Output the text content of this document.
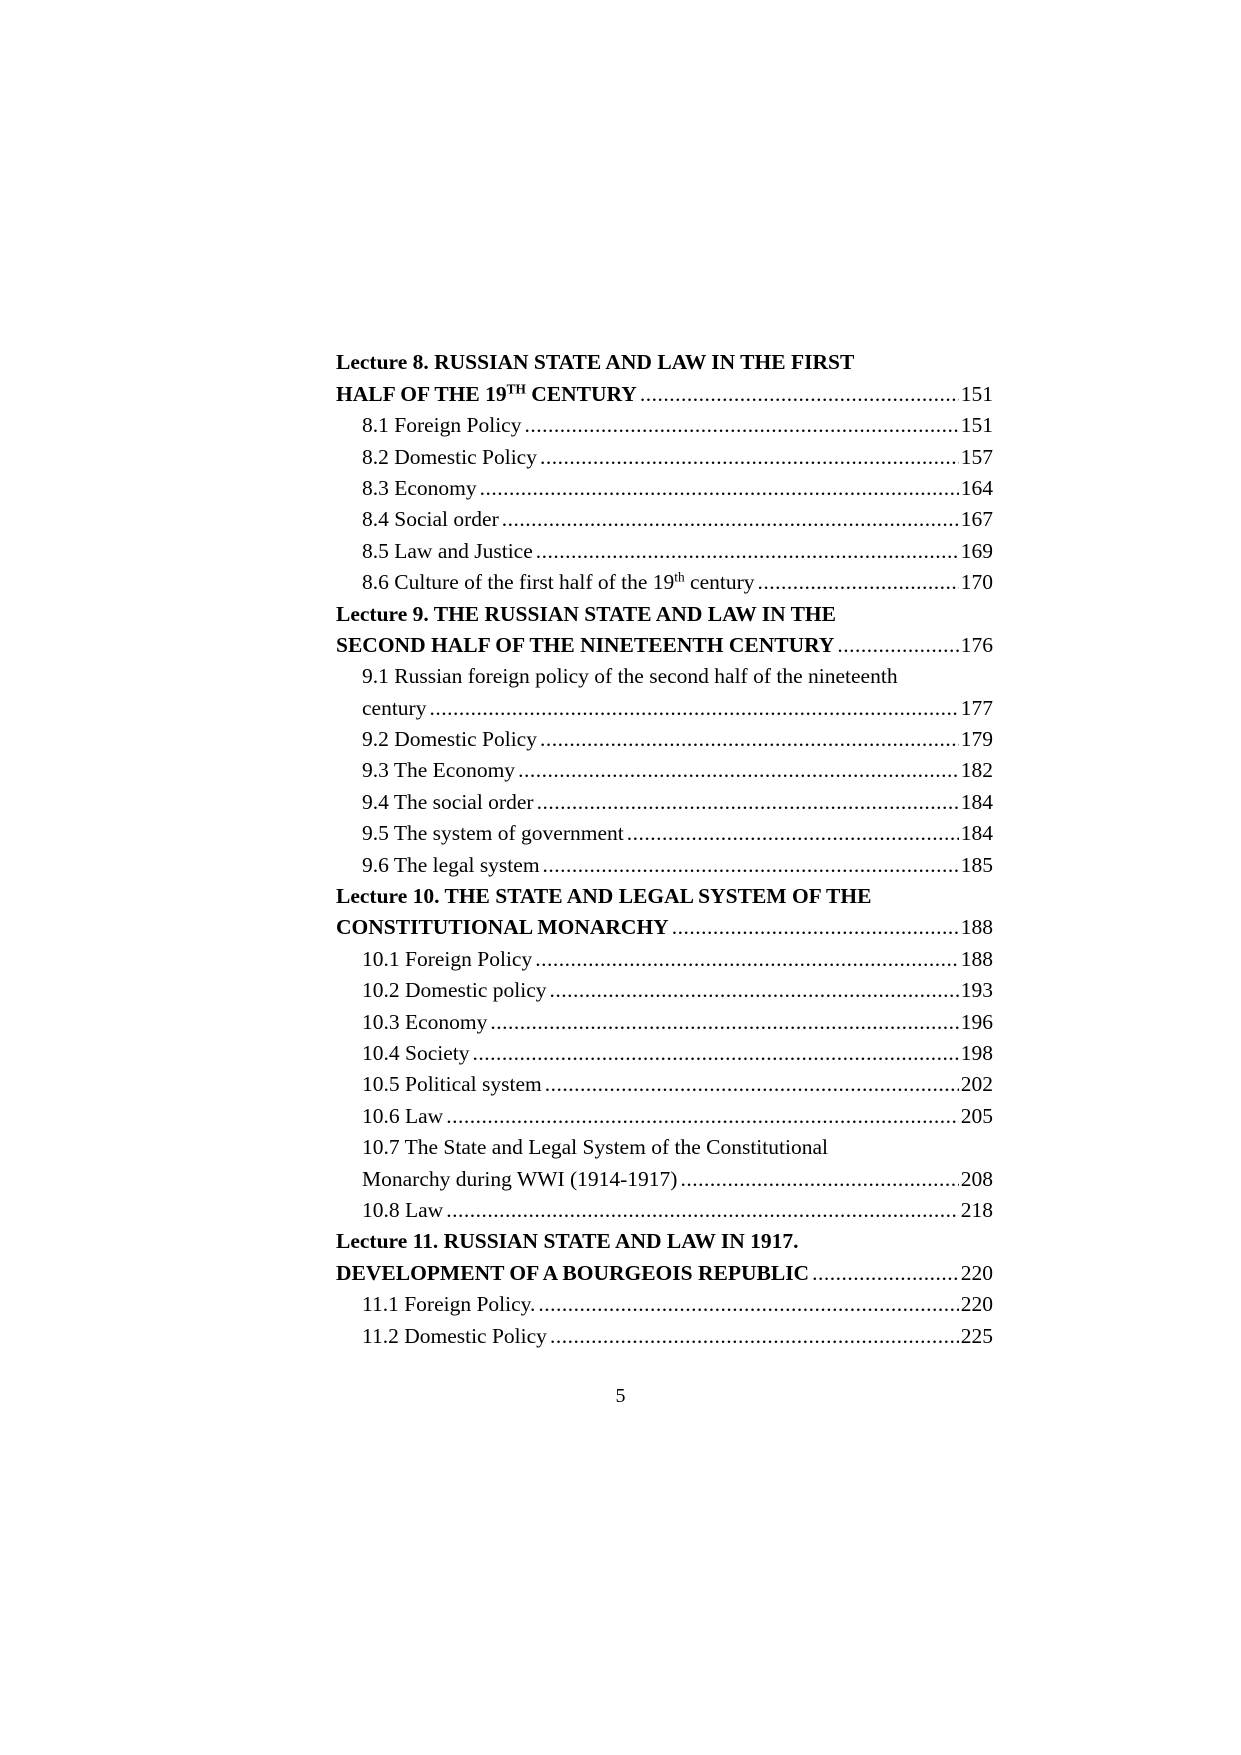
Lecture 8. RUSSIAN STATE AND LAW IN THE FIRST
HALF OF THE 19TH CENTURY .....	151
8.1 Foreign Policy .....	151
8.2 Domestic Policy .....	157
8.3 Economy .....	164
8.4 Social order .....	167
8.5 Law and Justice .....	169
8.6 Culture of the first half of the 19th century .....	170
Lecture 9. THE RUSSIAN STATE AND LAW IN THE
SECOND HALF OF THE NINETEENTH CENTURY .....	176
9.1 Russian foreign policy of the second half of the nineteenth
century .....	177
9.2 Domestic Policy .....	179
9.3 The Economy .....	182
9.4 The social order .....	184
9.5 The system of government .....	184
9.6 The legal system .....	185
Lecture 10. THE STATE AND LEGAL SYSTEM OF THE
CONSTITUTIONAL MONARCHY .....	188
10.1 Foreign Policy .....	188
10.2 Domestic policy .....	193
10.3 Economy .....	196
10.4 Society .....	198
10.5 Political system .....	202
10.6 Law .....	205
10.7 The State and Legal System of the Constitutional
Monarchy during WWI (1914-1917) .....	208
10.8 Law .....	218
Lecture 11. RUSSIAN STATE AND LAW IN 1917.
DEVELOPMENT OF A BOURGEOIS REPUBLIC .....	220
11.1 Foreign Policy. .....	220
11.2 Domestic Policy .....	225
5
